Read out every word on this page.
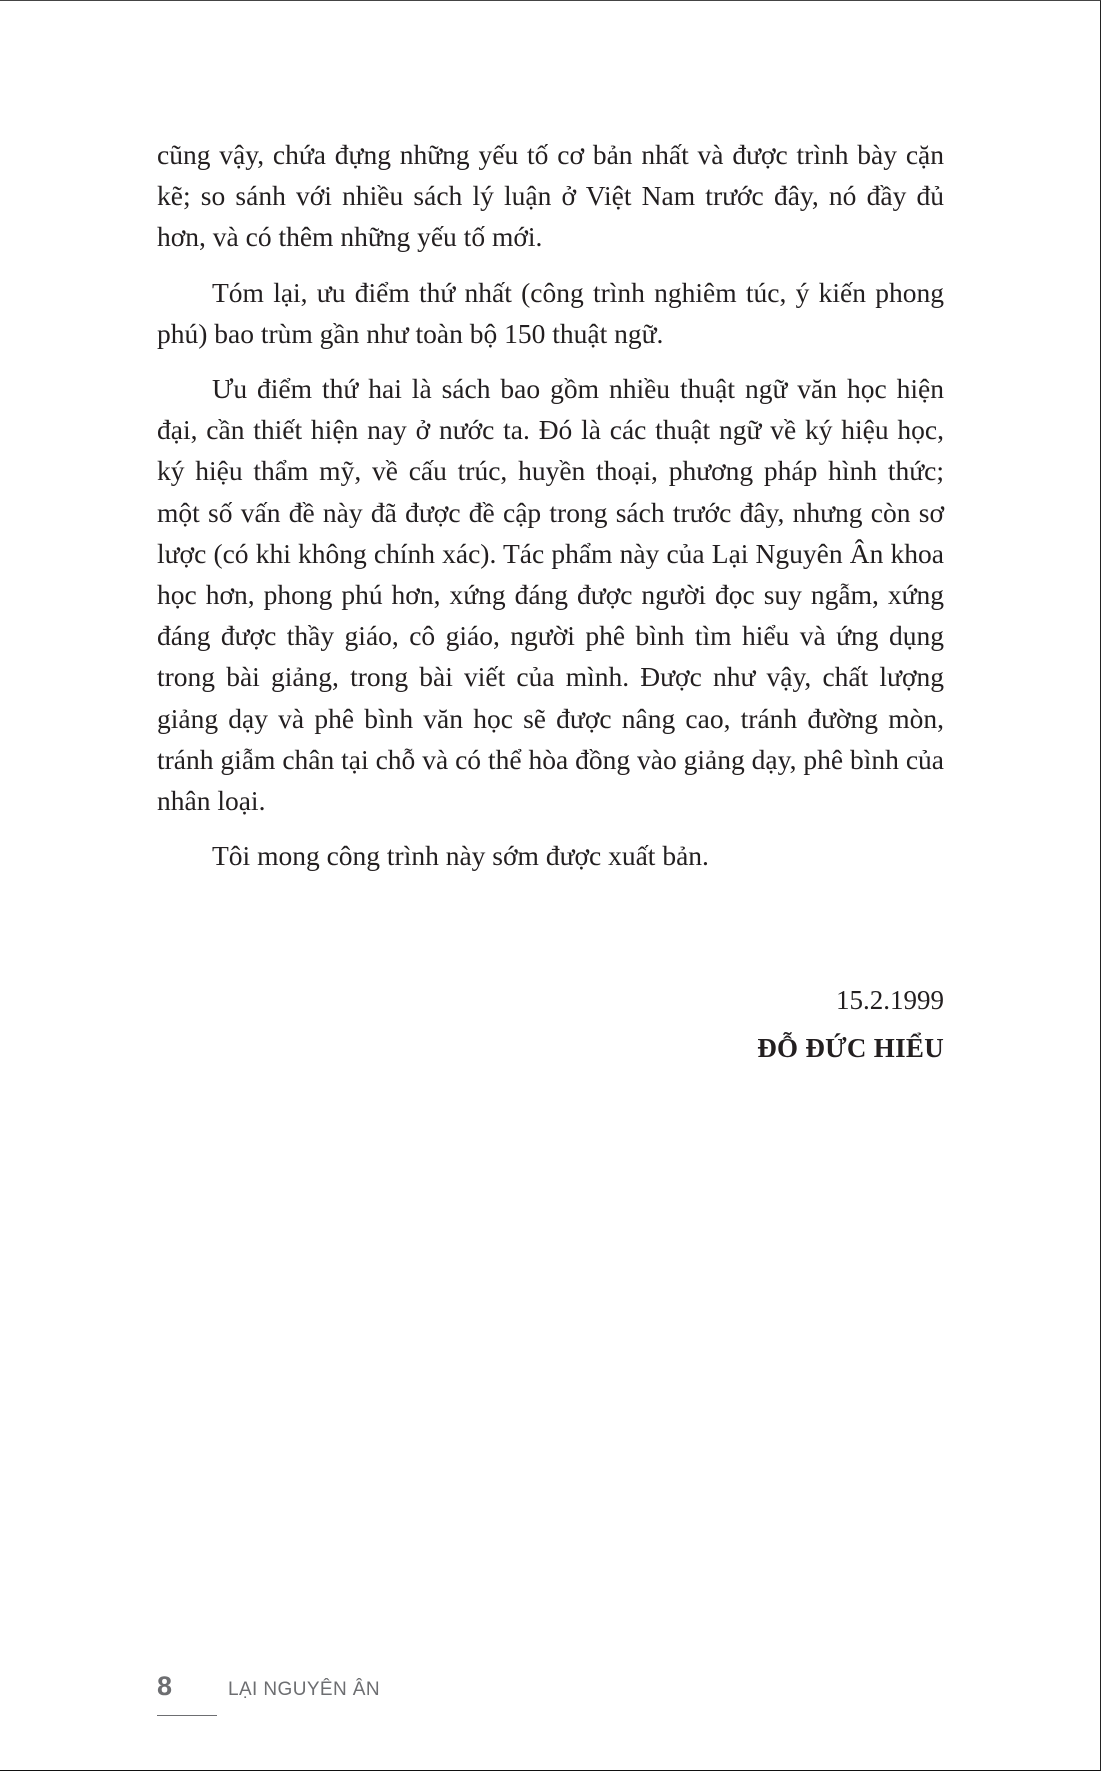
cũng vậy, chứa đựng những yếu tố cơ bản nhất và được trình bày cặn kẽ; so sánh với nhiều sách lý luận ở Việt Nam trước đây, nó đầy đủ hơn, và có thêm những yếu tố mới.

Tóm lại, ưu điểm thứ nhất (công trình nghiêm túc, ý kiến phong phú) bao trùm gần như toàn bộ 150 thuật ngữ.

Ưu điểm thứ hai là sách bao gồm nhiều thuật ngữ văn học hiện đại, cần thiết hiện nay ở nước ta. Đó là các thuật ngữ về ký hiệu học, ký hiệu thẩm mỹ, về cấu trúc, huyền thoại, phương pháp hình thức; một số vấn đề này đã được đề cập trong sách trước đây, nhưng còn sơ lược (có khi không chính xác). Tác phẩm này của Lại Nguyên Ân khoa học hơn, phong phú hơn, xứng đáng được người đọc suy ngẫm, xứng đáng được thầy giáo, cô giáo, người phê bình tìm hiểu và ứng dụng trong bài giảng, trong bài viết của mình. Được như vậy, chất lượng giảng dạy và phê bình văn học sẽ được nâng cao, tránh đường mòn, tránh giẫm chân tại chỗ và có thể hòa đồng vào giảng dạy, phê bình của nhân loại.

Tôi mong công trình này sớm được xuất bản.

15.2.1999
ĐỖ ĐỨC HIỂU
8	LẠI NGUYÊN ÂN
